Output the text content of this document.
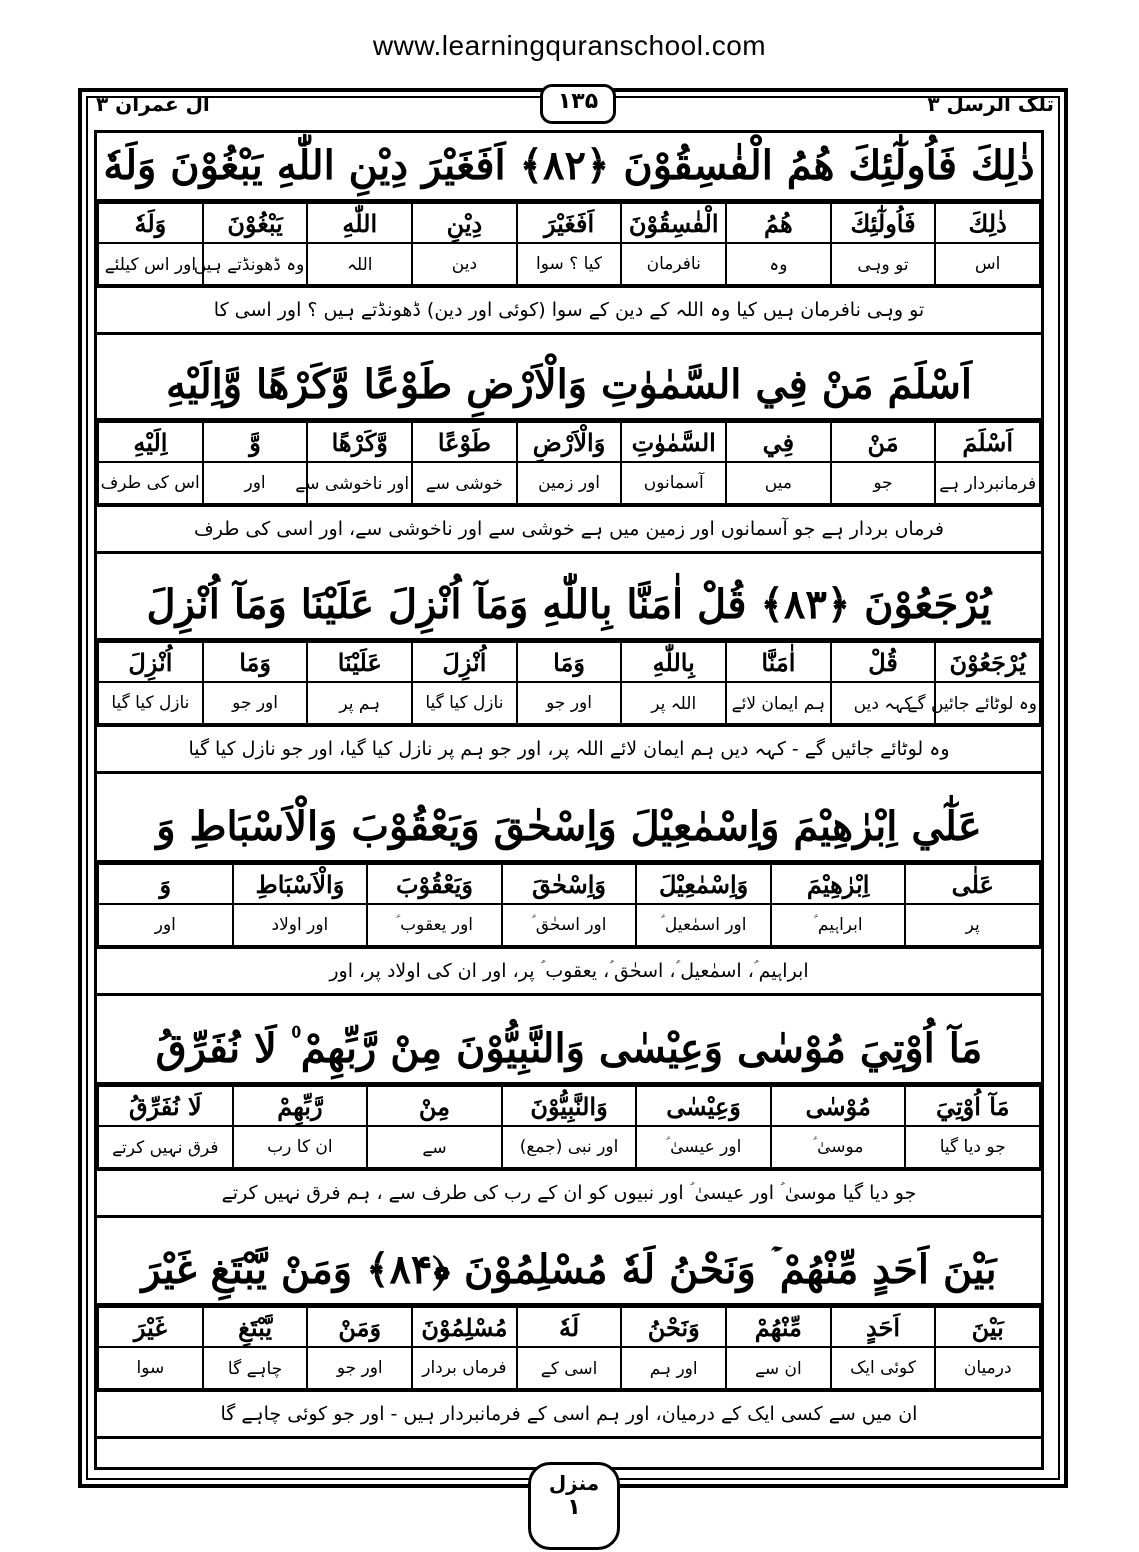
www.learningquranschool.com
تلک الرسل ۳
ال عمران ۳	۱۳۵
ذٰلِكَ فَاُولٰٓئِكَ هُمُ الْفٰسِقُوْنَ ﴿۸۲﴾ اَفَغَيْرَ دِيْنِ اللّٰهِ يَبْغُوْنَ وَلَهٗ
ذٰلِكَ	فَاُولٰٓئِكَ	هُمُ	الْفٰسِقُوْنَ	اَفَغَيْرَ	دِيْنِ	اللّٰهِ	يَبْغُوْنَ	وَلَهٗ
اس	تو وہی	وہ	نافرمان	کیا ؟ سوا	دین	اللہ	وہ ڈھونڈتے ہیں	اور اس کیلئے
تو وہی نافرمان ہیں کیا وہ اللہ کے دین کے سوا (کوئی اور دین) ڈھونڈتے ہیں ؟ اور اسی کا
اَسْلَمَ مَنْ فِي السَّمٰوٰتِ وَالْاَرْضِ طَوْعًا وَّكَرْهًا وَّاِلَيْهِ
اَسْلَمَ	مَنْ	فِي	السَّمٰوٰتِ	وَالْاَرْضِ	طَوْعًا	وَّكَرْهًا	وَّ	اِلَيْهِ
فرمانبردار ہے	جو	میں	آسمانوں	اور زمین	خوشی سے	اور ناخوشی سے	اور	اس کی طرف
فرماں بردار ہے جو آسمانوں اور زمین میں ہے خوشی سے اور ناخوشی سے، اور اسی کی طرف
يُرْجَعُوْنَ ﴿۸۳﴾ قُلْ اٰمَنَّا بِاللّٰهِ وَمَآ اُنْزِلَ عَلَيْنَا وَمَآ اُنْزِلَ
يُرْجَعُوْنَ	قُلْ	اٰمَنَّا	بِاللّٰهِ	وَمَا	اُنْزِلَ	عَلَيْنَا	وَمَا	اُنْزِلَ
وہ لوٹائے جائیں گے	کہہ دیں	ہم ایمان لائے	اللہ پر	اور جو	نازل کیا گیا	ہم پر	اور جو	نازل کیا گیا
وہ لوٹائے جائیں گے - کہہ دیں ہم ایمان لائے اللہ پر، اور جو ہم پر نازل کیا گیا، اور جو نازل کیا گیا
عَلٰٓي اِبْرٰهِيْمَ وَاِسْمٰعِيْلَ وَاِسْحٰقَ وَيَعْقُوْبَ وَالْاَسْبَاطِ وَ
عَلٰی	اِبْرٰهِيْمَ	وَاِسْمٰعِيْلَ	وَاِسْحٰقَ	وَيَعْقُوْبَ	وَالْاَسْبَاطِ	وَ
پر	ابراہیم ؑ	اور اسمٰعیل ؑ	اور اسحٰق ؑ	اور یعقوب ؑ	اور اولاد	اور
ابراہیم ؑ، اسمٰعیل ؑ، اسحٰق ؑ، یعقوب ؑ پر، اور ان کی اولاد پر، اور
مَآ اُوْتِيَ مُوْسٰى وَعِيْسٰى وَالنَّبِيُّوْنَ مِنْ رَّبِّهِمْ ۠ لَا نُفَرِّقُ
مَآ اُوْتِيَ	مُوْسٰى	وَعِيْسٰى	وَالنَّبِيُّوْنَ	مِنْ	رَّبِّهِمْ	لَا نُفَرِّقُ
جو دیا گیا	موسیٰ ؑ	اور عیسیٰ ؑ	اور نبی (جمع)	سے	ان کا رب	فرق نہیں کرتے
جو دیا گیا موسیٰ ؑ اور عیسیٰ ؑ اور نبیوں کو ان کے رب کی طرف سے ، ہم فرق نہیں کرتے
بَيْنَ اَحَدٍ مِّنْهُمْ ۡ وَنَحْنُ لَهٗ مُسْلِمُوْنَ ﴿۸۴﴾ وَمَنْ يَّبْتَغِ غَيْرَ
بَيْنَ	اَحَدٍ	مِّنْهُمْ	وَنَحْنُ	لَهٗ	مُسْلِمُوْنَ	وَمَنْ	يَّبْتَغِ	غَيْرَ
درمیان	کوئی ایک	ان سے	اور ہم	اسی کے	فرماں بردار	اور جو	چاہے گا	سوا
ان میں سے کسی ایک کے درمیان، اور ہم اسی کے فرمانبردار ہیں - اور جو کوئی چاہے گا
منزل
۱
